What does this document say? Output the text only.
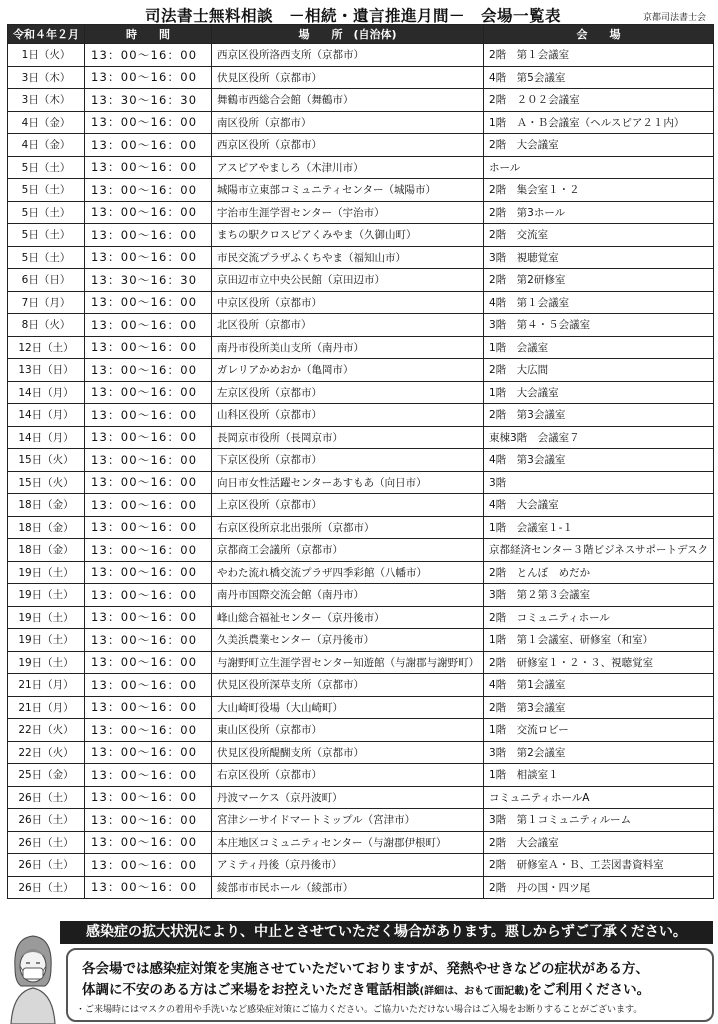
司法書士無料相談　－相続・遺言推進月間－　会場一覧表	京都司法書士会
令和４年２月	時　　間	場　　所　(自治体)	会　　場
1日（火）	13：00～16：00	西京区役所洛西支所（京都市）	2階　第１会議室
3日（木）	13：00～16：00	伏見区役所（京都市）	4階　第5会議室
3日（木）	13：30～16：30	舞鶴市西総合会館（舞鶴市）	2階　２０２会議室
4日（金）	13：00～16：00	南区役所（京都市）	1階　Ａ・Ｂ会議室（ヘルスピア２１内）
4日（金）	13：00～16：00	西京区役所（京都市）	2階　大会議室
5日（土）	13：00～16：00	アスピアやましろ（木津川市）	ホール
5日（土）	13：00～16：00	城陽市立東部コミュニティセンター（城陽市）	2階　集会室１・２
5日（土）	13：00～16：00	宇治市生涯学習センター（宇治市）	2階　第3ホール
5日（土）	13：00～16：00	まちの駅クロスピアくみやま（久御山町）	2階　交流室
5日（土）	13：00～16：00	市民交流プラザふくちやま（福知山市）	3階　視聴覚室
6日（日）	13：30～16：30	京田辺市立中央公民館（京田辺市）	2階　第2研修室
7日（月）	13：00～16：00	中京区役所（京都市）	4階　第１会議室
8日（火）	13：00～16：00	北区役所（京都市）	3階　第４・５会議室
12日（土）	13：00～16：00	南丹市役所美山支所（南丹市）	1階　会議室
13日（日）	13：00～16：00	ガレリアかめおか（亀岡市）	2階　大広間
14日（月）	13：00～16：00	左京区役所（京都市）	1階　大会議室
14日（月）	13：00～16：00	山科区役所（京都市）	2階　第3会議室
14日（月）	13：00～16：00	長岡京市役所（長岡京市）	東棟3階　会議室７
15日（火）	13：00～16：00	下京区役所（京都市）	4階　第3会議室
15日（火）	13：00～16：00	向日市女性活躍センターあすもあ（向日市）	3階
18日（金）	13：00～16：00	上京区役所（京都市）	4階　大会議室
18日（金）	13：00～16：00	右京区役所京北出張所（京都市）	1階　会議室１-１
18日（金）	13：00～16：00	京都商工会議所（京都市）	京都経済センター３階ビジネスサポートデスク
19日（土）	13：00～16：00	やわた流れ橋交流プラザ四季彩館（八幡市）	2階　とんぼ　めだか
19日（土）	13：00～16：00	南丹市国際交流会館（南丹市）	3階　第２第３会議室
19日（土）	13：00～16：00	峰山総合福祉センター（京丹後市）	2階　コミュニティホール
19日（土）	13：00～16：00	久美浜農業センター（京丹後市）	1階　第１会議室、研修室（和室）
19日（土）	13：00～16：00	与謝野町立生涯学習センター知遊館（与謝郡与謝野町）	2階　研修室１・２・３、視聴覚室
21日（月）	13：00～16：00	伏見区役所深草支所（京都市）	4階　第1会議室
21日（月）	13：00～16：00	大山崎町役場（大山崎町）	2階　第3会議室
22日（火）	13：00～16：00	東山区役所（京都市）	1階　交流ロビー
22日（火）	13：00～16：00	伏見区役所醍醐支所（京都市）	3階　第2会議室
25日（金）	13：00～16：00	右京区役所（京都市）	1階　相談室１
26日（土）	13：00～16：00	丹波マーケス（京丹波町）	コミュニティホールA
26日（土）	13：00～16：00	宮津シーサイドマートミップル（宮津市）	3階　第１コミュニティルーム
26日（土）	13：00～16：00	本庄地区コミュニティセンター（与謝郡伊根町）	2階　大会議室
26日（土）	13：00～16：00	アミティ丹後（京丹後市）	2階　研修室Ａ・Ｂ、工芸図書資料室
26日（土）	13：00～16：00	綾部市市民ホール（綾部市）	2階　丹の国・四ツ尾
感染症の拡大状況により、中止とさせていただく場合があります。悪しからずご了承ください。
各会場では感染症対策を実施させていただいておりますが、発熱やせきなどの症状がある方、
体調に不安のある方はご来場をお控えいただき電話相談(詳細は、おもて面記載)をご利用ください。
・ご来場時にはマスクの着用や手洗いなど感染症対策にご協力ください。ご協力いただけない場合はご入場をお断りすることがございます。
